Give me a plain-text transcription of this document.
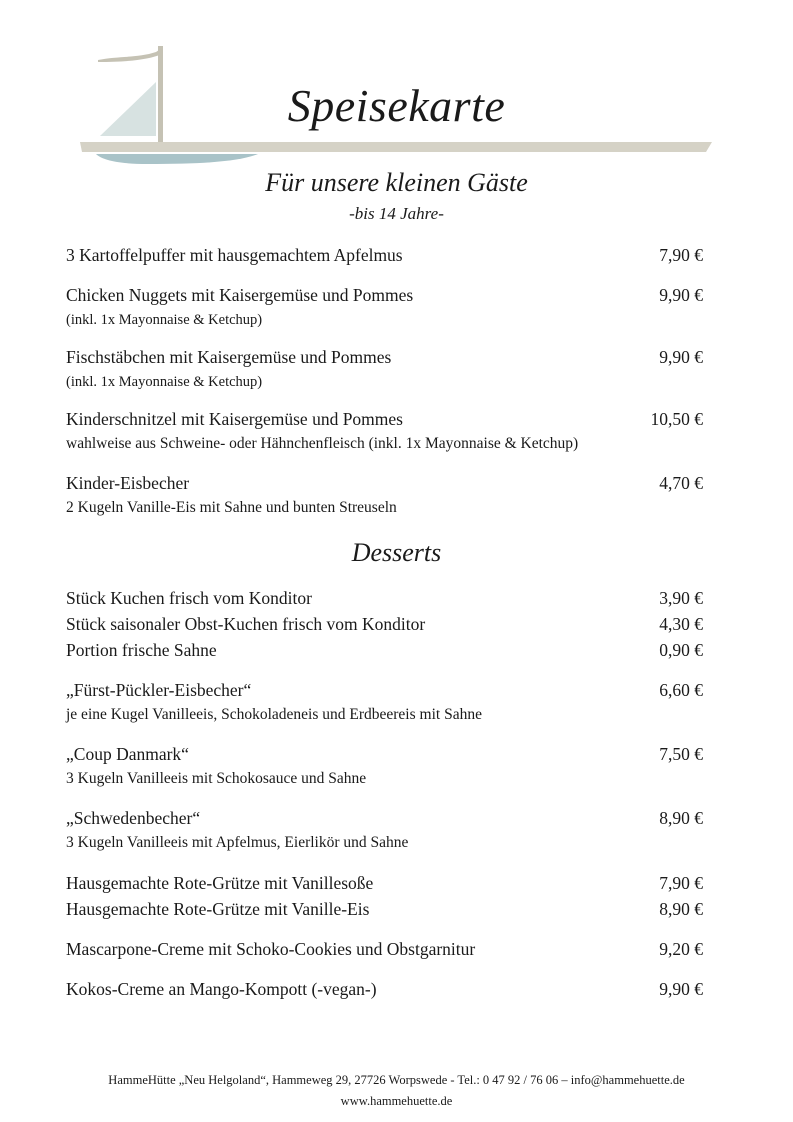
Speisekarte
Für unsere kleinen Gäste
-bis 14 Jahre-
3 Kartoffelpuffer mit hausgemachtem Apfelmus	7,90 €
Chicken Nuggets mit Kaisergemüse und Pommes	9,90 €
(inkl. 1x Mayonnaise & Ketchup)
Fischstäbchen mit Kaisergemüse und Pommes	9,90 €
(inkl. 1x Mayonnaise & Ketchup)
Kinderschnitzel mit Kaisergemüse und Pommes	10,50 €
wahlweise aus Schweine- oder Hähnchenfleisch (inkl. 1x Mayonnaise & Ketchup)
Kinder-Eisbecher	4,70 €
2 Kugeln Vanille-Eis mit Sahne und bunten Streuseln
Desserts
Stück Kuchen frisch vom Konditor	3,90 €
Stück saisonaler Obst-Kuchen frisch vom Konditor	4,30 €
Portion frische Sahne	0,90 €
„Fürst-Pückler-Eisbecher“	6,60 €
je eine Kugel Vanilleeis, Schokoladeneis und Erdbeereis mit Sahne
„Coup Danmark“	7,50 €
3 Kugeln Vanilleeis mit Schokosauce und Sahne
„Schwedenbecher“	8,90 €
3 Kugeln Vanilleeis mit Apfelmus, Eierlikör und Sahne
Hausgemachte Rote-Grütze mit Vanillesoße	7,90 €
Hausgemachte Rote-Grütze mit Vanille-Eis	8,90 €
Mascarpone-Creme mit Schoko-Cookies und Obstgarnitur	9,20 €
Kokos-Creme an Mango-Kompott (-vegan-)	9,90 €
HammeHütte „Neu Helgoland“, Hammeweg 29, 27726 Worpswede - Tel.: 0 47 92 / 76 06 – info@hammehuette.de
www.hammehuette.de
